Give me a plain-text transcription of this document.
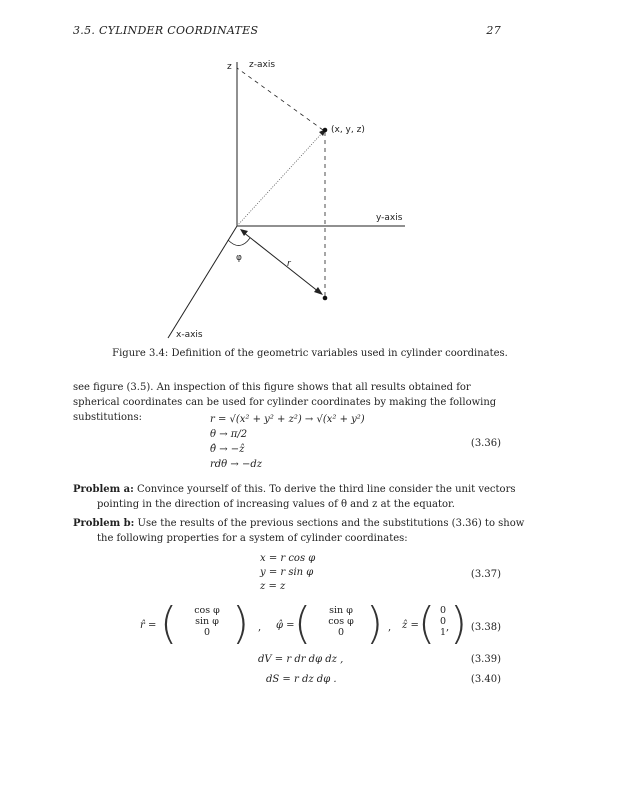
3.5. CYLINDER COORDINATES	27
z z-axis
(x, y, z)
y-axis
x-axis
φ
r
Figure 3.4: Definition of the geometric variables used in cylinder coordinates.
see figure (3.5). An inspection of this figure shows that all results obtained for spherical coordinates can be used for cylinder coordinates by making the following substitutions:	r = √(x² + y² + z²) → √(x² + y²)
θ → π/2
θ̂ → −ẑ
rdθ → −dz
(3.36)
Problem a: Convince yourself of this. To derive the third line consider the unit vectors pointing in the direction of increasing values of θ and z at the equator.
Problem b: Use the results of the previous sections and the substitutions (3.36) to show the following properties for a system of cylinder coordinates:
x = r cos φ
y = r sin φ
z = z
(3.37)
r̂ = (	cos φ
sin φ
0 ) , φ̂ = (	sin φ
cos φ
0 ) , ẑ = ( 0
0
1 )
, (3.38)
dV = r dr dφ dz ,	(3.39)
dS = r dz dφ .	(3.40)
